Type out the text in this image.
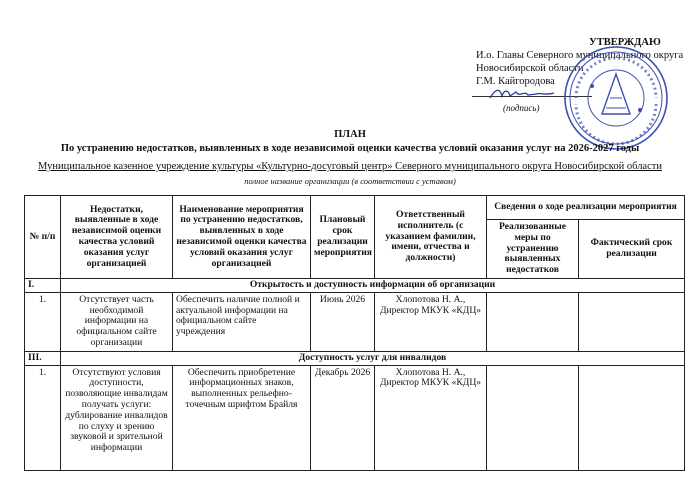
УТВЕРЖДАЮ
И.о. Главы Северного муниципального округа
Новосибирской области
Г.М. Кайгородова
(подпись)
ПЛАН
По устранению недостатков, выявленных в ходе независимой оценки качества условий оказания услуг на 2026-2027 годы
Муниципальное казенное учреждение культуры «Культурно-досуговый центр» Северного муниципального округа Новосибирской области
полное название организации (в соответствии с уставом)
№ п/п	Недостатки, выявленные в ходе независимой оценки качества условий оказания услуг организацией	Наименование мероприятия по устранению недостатков, выявленных в ходе независимой оценки качества условий оказания услуг организацией	Плановый срок реализации мероприятия	Ответственный исполнитель (с указанием фамилии, имени, отчества и должности)	Сведения о ходе реализации мероприятия	
					Реализованные меры по устранению выявленных недостатков	Фактический срок реализации
I.	Открытость и доступность информации об организации					
1.	Отсутствует часть необходимой информации на официальном сайте организации	Обеспечить наличие полной и актуальной информации на официальном сайте учреждения	Июнь 2026	Хлопотова Н. А., Директор МКУК «КДЦ»		
III.	Доступность услуг для инвалидов					
1.	Отсутствуют условия доступности, позволяющие инвалидам получать услуги: дублирование инвалидов по слуху и зрению звуковой и зрительной информации	Обеспечить приобретение информационных знаков, выполненных рельефно-точечным шрифтом Брайля	Декабрь 2026	Хлопотова Н. А., Директор МКУК «КДЦ»		
